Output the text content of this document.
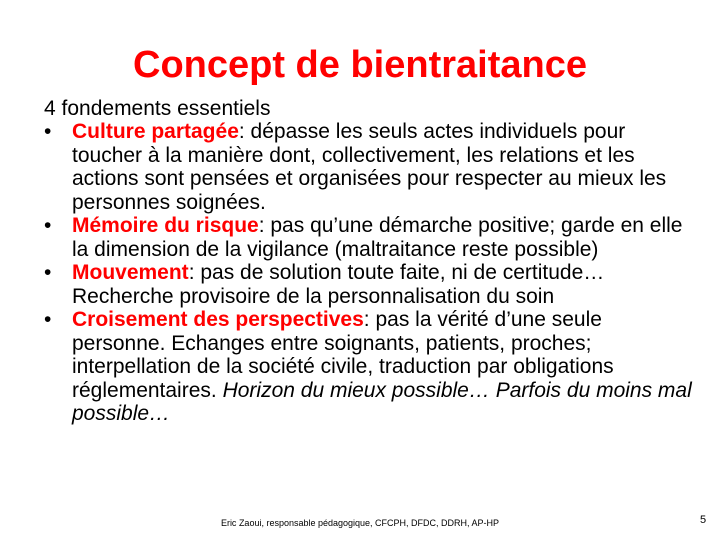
Concept de bientraitance
4 fondements essentiels
• Culture partagée: dépasse les seuls actes individuels pour toucher à la manière dont, collectivement, les relations et les actions sont pensées et organisées pour respecter au mieux les personnes soignées.
• Mémoire du risque: pas qu’une démarche positive; garde en elle la dimension de la vigilance (maltraitance reste possible)
• Mouvement: pas de solution toute faite, ni de certitude… Recherche provisoire de la personnalisation du soin
• Croisement des perspectives: pas la vérité d’une seule personne. Echanges entre soignants, patients, proches; interpellation de la société civile, traduction par obligations réglementaires. Horizon du mieux possible… Parfois du moins mal possible…
Eric Zaoui, responsable pédagogique, CFCPH, DFDC, DDRH, AP-HP	5
